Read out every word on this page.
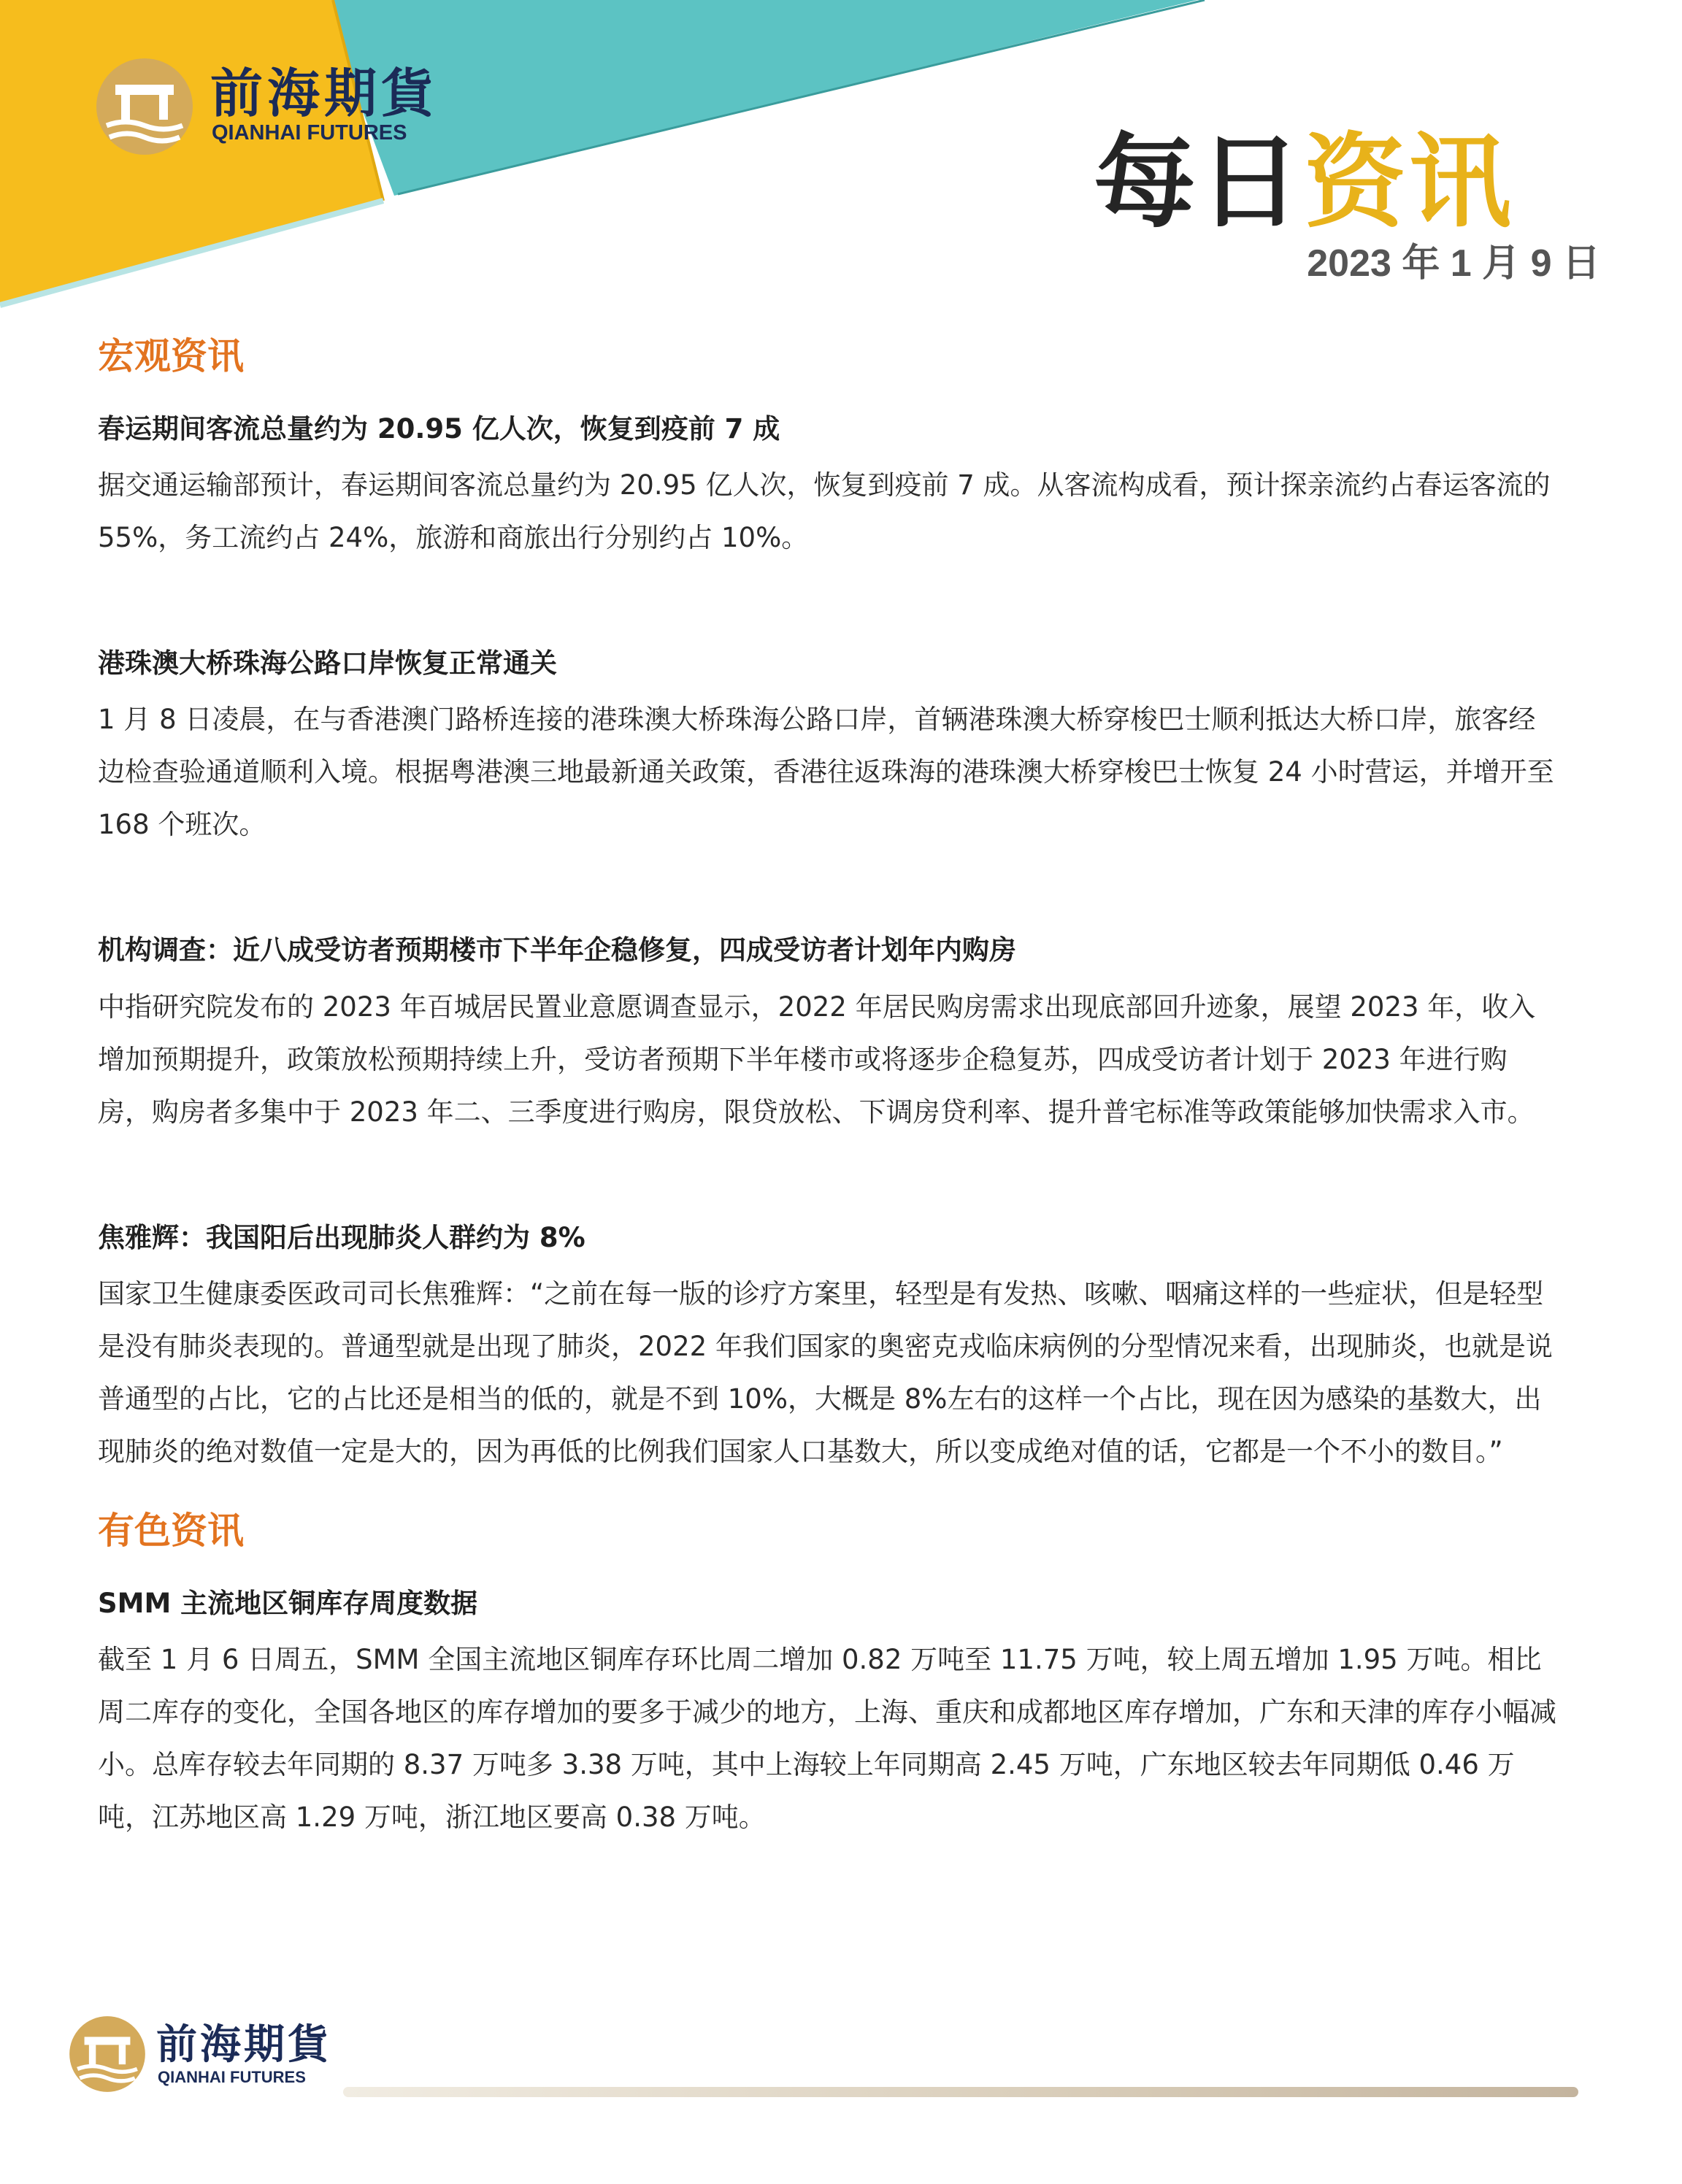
前海期貨
QIANHAI FUTURES	每日资讯
2023 年 1 月 9 日
宏观资讯
春运期间客流总量约为 20.95 亿人次，恢复到疫前 7 成
据交通运输部预计，春运期间客流总量约为 20.95 亿人次，恢复到疫前 7 成。从客流构成看，预计探亲流约占春运客流的 55%，务工流约占 24%，旅游和商旅出行分别约占 10%。
港珠澳大桥珠海公路口岸恢复正常通关
1 月 8 日凌晨，在与香港澳门路桥连接的港珠澳大桥珠海公路口岸，首辆港珠澳大桥穿梭巴士顺利抵达大桥口岸，旅客经边检查验通道顺利入境。根据粤港澳三地最新通关政策，香港往返珠海的港珠澳大桥穿梭巴士恢复 24 小时营运，并增开至 168 个班次。
机构调查：近八成受访者预期楼市下半年企稳修复，四成受访者计划年内购房
中指研究院发布的 2023 年百城居民置业意愿调查显示，2022 年居民购房需求出现底部回升迹象，展望 2023 年，收入增加预期提升，政策放松预期持续上升，受访者预期下半年楼市或将逐步企稳复苏，四成受访者计划于 2023 年进行购房，购房者多集中于 2023 年二、三季度进行购房，限贷放松、下调房贷利率、提升普宅标准等政策能够加快需求入市。
焦雅辉：我国阳后出现肺炎人群约为 8%
国家卫生健康委医政司司长焦雅辉：“之前在每一版的诊疗方案里，轻型是有发热、咳嗽、咽痛这样的一些症状，但是轻型是没有肺炎表现的。普通型就是出现了肺炎，2022 年我们国家的奥密克戎临床病例的分型情况来看，出现肺炎，也就是说普通型的占比，它的占比还是相当的低的，就是不到 10%，大概是 8%左右的这样一个占比，现在因为感染的基数大，出现肺炎的绝对数值一定是大的，因为再低的比例我们国家人口基数大，所以变成绝对值的话，它都是一个不小的数目。”
有色资讯
SMM 主流地区铜库存周度数据
截至 1 月 6 日周五，SMM 全国主流地区铜库存环比周二增加 0.82 万吨至 11.75 万吨，较上周五增加 1.95 万吨。相比周二库存的变化，全国各地区的库存增加的要多于减少的地方，上海、重庆和成都地区库存增加，广东和天津的库存小幅减小。总库存较去年同期的 8.37 万吨多 3.38 万吨，其中上海较上年同期高 2.45 万吨，广东地区较去年同期低 0.46 万吨，江苏地区高 1.29 万吨，浙江地区要高 0.38 万吨。
前海期貨
QIANHAI FUTURES
